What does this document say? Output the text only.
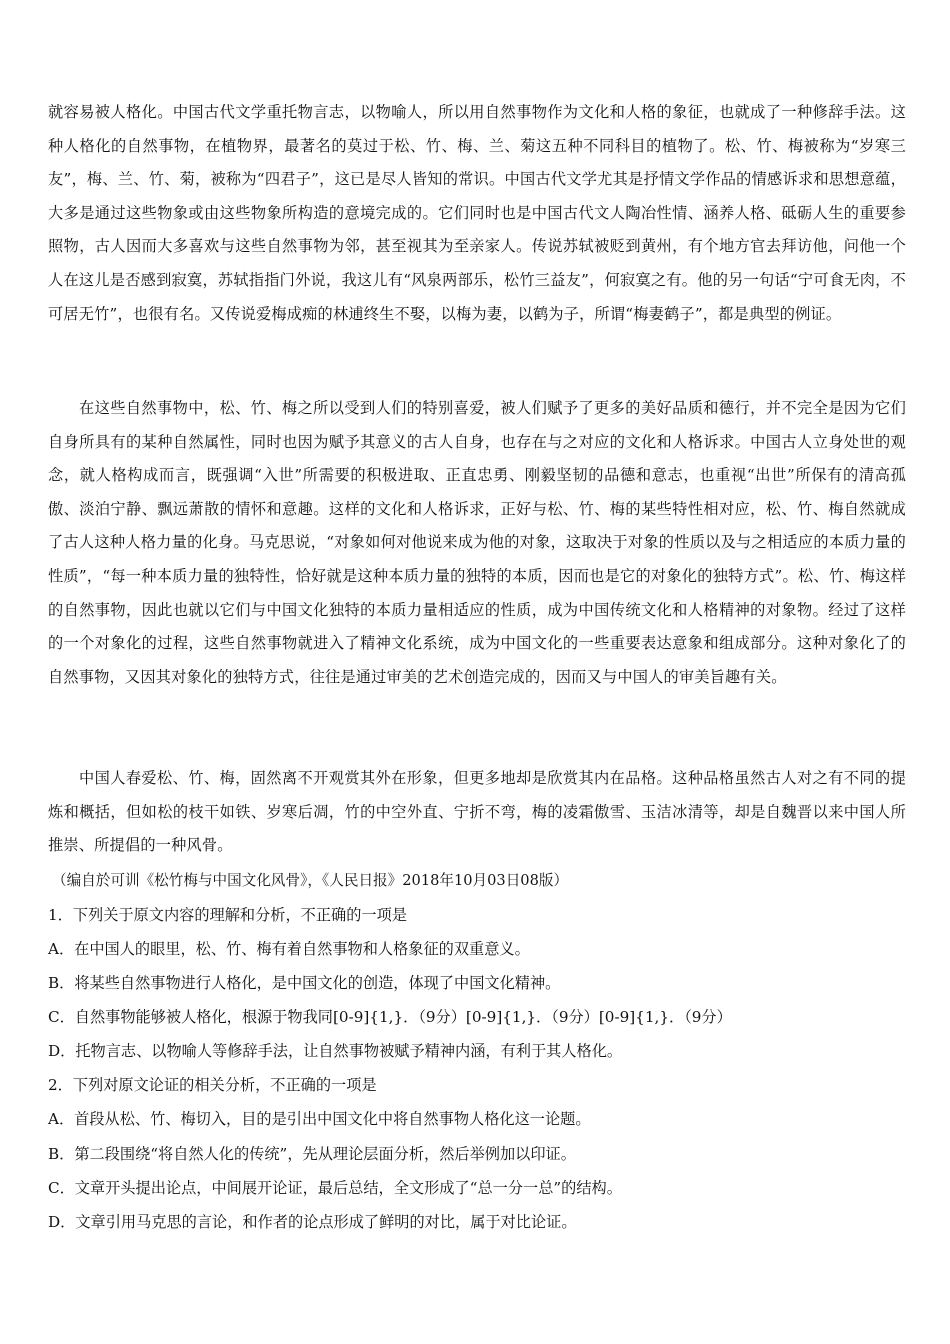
就容易被人格化。中国古代文学重托物言志，以物喻人，所以用自然事物作为文化和人格的象征，也就成了一种修辞手法。这种人格化的自然事物，在植物界，最著名的莫过于松、竹、梅、兰、菊这五种不同科目的植物了。松、竹、梅被称为“岁寒三友”，梅、兰、竹、菊，被称为“四君子”，这已是尽人皆知的常识。中国古代文学尤其是抒情文学作品的情感诉求和思想意蕴，大多是通过这些物象或由这些物象所构造的意境完成的。它们同时也是中国古代文人陶冶性情、涵养人格、砥砺人生的重要参照物，古人因而大多喜欢与这些自然事物为邻，甚至视其为至亲家人。传说苏轼被贬到黄州，有个地方官去拜访他，问他一个人在这儿是否感到寂寞，苏轼指指门外说，我这儿有“风泉两部乐，松竹三益友”，何寂寞之有。他的另一句话“宁可食无肉，不可居无竹”，也很有名。又传说爱梅成痴的林逋终生不娶，以梅为妻，以鹤为子，所谓“梅妻鹤子”，都是典型的例证。

在这些自然事物中，松、竹、梅之所以受到人们的特别喜爱，被人们赋予了更多的美好品质和德行，并不完全是因为它们自身所具有的某种自然属性，同时也因为赋予其意义的古人自身，也存在与之对应的文化和人格诉求。中国古人立身处世的观念，就人格构成而言，既强调“入世”所需要的积极进取、正直忠勇、刚毅坚韧的品德和意志，也重视“出世”所保有的清高孤傲、淡泊宁静、飘远萧散的情怀和意趣。这样的文化和人格诉求，正好与松、竹、梅的某些特性相对应，松、竹、梅自然就成了古人这种人格力量的化身。马克思说，“对象如何对他说来成为他的对象，这取决于对象的性质以及与之相适应的本质力量的性质”，“每一种本质力量的独特性，恰好就是这种本质力量的独特的本质，因而也是它的对象化的独特方式”。松、竹、梅这样的自然事物，因此也就以它们与中国文化独特的本质力量相适应的性质，成为中国传统文化和人格精神的对象物。经过了这样的一个对象化的过程，这些自然事物就进入了精神文化系统，成为中国文化的一些重要表达意象和组成部分。这种对象化了的自然事物，又因其对象化的独特方式，往往是通过审美的艺术创造完成的，因而又与中国人的审美旨趣有关。

中国人春爱松、竹、梅，固然离不开观赏其外在形象，但更多地却是欣赏其内在品格。这种品格虽然古人对之有不同的提炼和概括，但如松的枝干如铁、岁寒后凋，竹的中空外直、宁折不弯，梅的凌霜傲雪、玉洁冰清等，却是自魏晋以来中国人所推崇、所提倡的一种风骨。

（编自於可训《松竹梅与中国文化风骨》，《人民日报》2018年10月03日08版）

1．下列关于原文内容的理解和分析，不正确的一项是

A．在中国人的眼里，松、竹、梅有着自然事物和人格象征的双重意义。

B．将某些自然事物进行人格化，是中国文化的创造，体现了中国文化精神。

C．自然事物能够被人格化，根源于物我同[0-9]{1,}．（9分）[0-9]{1,}．（9分）[0-9]{1,}．（9分）

D．托物言志、以物喻人等修辞手法，让自然事物被赋予精神内涵，有利于其人格化。

2．下列对原文论证的相关分析，不正确的一项是

A．首段从松、竹、梅切入，目的是引出中国文化中将自然事物人格化这一论题。

B．第二段围绕“将自然人化的传统”，先从理论层面分析，然后举例加以印证。

C．文章开头提出论点，中间展开论证，最后总结，全文形成了“总一分一总”的结构。

D．文章引用马克思的言论，和作者的论点形成了鲜明的对比，属于对比论证。
